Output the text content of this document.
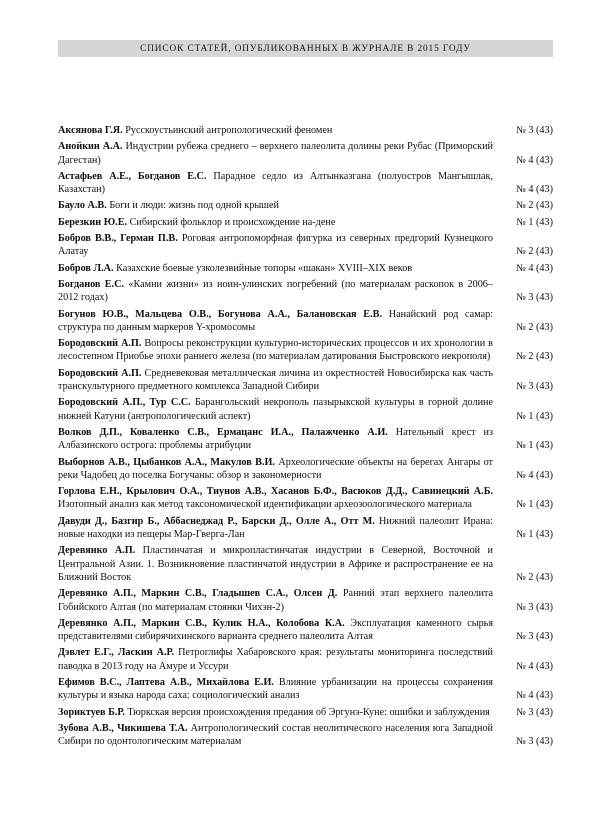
СПИСОК СТАТЕЙ, ОПУБЛИКОВАННЫХ В ЖУРНАЛЕ В 2015 ГОДУ
Аксянова Г.Я. Русскоустьинский антропологический феномен	№ 3 (43)
Анойкин А.А. Индустрии рубежа среднего – верхнего палеолита долины реки Рубас (Приморский Дагестан)	№ 4 (43)
Астафьев А.Е., Богданов Е.С. Парадное седло из Алтынказгана (полуостров Мангышлак, Казахстан)	№ 4 (43)
Бауло А.В. Боги и люди: жизнь под одной крышей	№ 2 (43)
Березкин Ю.Е. Сибирский фольклор и происхождение на-дене	№ 1 (43)
Бобров В.В., Герман П.В. Роговая антропоморфная фигурка из северных предгорий Кузнецкого Алатау	№ 2 (43)
Бобров Л.А. Казахские боевые узколезвийные топоры «шакан» XVIII–XIX веков	№ 4 (43)
Богданов Е.С. «Камни жизни» из ноин-улинских погребений (по материалам раскопок в 2006–2012 годах)	№ 3 (43)
Богунов Ю.В., Мальцева О.В., Богунова А.А., Балановская Е.В. Нанайский род самар: структура по данным маркеров Y-хромосомы	№ 2 (43)
Бородовский А.П. Вопросы реконструкции культурно-исторических процессов и их хронологии в лесостепном Приобье эпохи раннего железа (по материалам датирования Быстровского некрополя)	№ 2 (43)
Бородовский А.П. Средневековая металлическая личина из окрестностей Новосибирска как часть транскультурного предметного комплекса Западной Сибири	№ 3 (43)
Бородовский А.П., Тур С.С. Барангольский некрополь пазырыкской культуры в горной долине нижней Катуни (антропологический аспект)	№ 1 (43)
Волков Д.П., Коваленко С.В., Ермацанс И.А., Палажченко А.И. Нательный крест из Албазинского острога: проблемы атрибуции	№ 1 (43)
Выборнов А.В., Цыбанков А.А., Макулов В.И. Археологические объекты на берегах Ангары от реки Чадобец до поселка Богучаны: обзор и закономерности	№ 4 (43)
Горлова Е.Н., Крылович О.А., Тиунов А.В., Хасанов Б.Ф., Васюков Д.Д., Савинецкий А.Б. Изотопный анализ как метод таксономической идентификации археозоологического материала	№ 1 (43)
Давуди Д., Базгир Б., Аббаснеджад Р., Барски Д., Олле А., Отт М. Нижний палеолит Ирана: новые находки из пещеры Мар-Гверга-Лан	№ 1 (43)
Деревянко А.П. Пластинчатая и микропластинчатая индустрии в Северной, Восточной и Центральной Азии. 1. Возникновение пластинчатой индустрии в Африке и распространение ее на Ближний Восток	№ 2 (43)
Деревянко А.П., Маркин С.В., Гладышев С.А., Олсен Д. Ранний этап верхнего палеолита Гобийского Алтая (по материалам стоянки Чихэн-2)	№ 3 (43)
Деревянко А.П., Маркин С.В., Кулик Н.А., Колобова К.А. Эксплуатация каменного сырья представителями сибирячихинского варианта среднего палеолита Алтая	№ 3 (43)
Дэвлет Е.Г., Ласкин А.Р. Петроглифы Хабаровского края: результаты мониторинга последствий паводка в 2013 году на Амуре и Уссури	№ 4 (43)
Ефимов В.С., Лаптева А.В., Михайлова Е.И. Влияние урбанизации на процессы сохранения культуры и языка народа саха: социологический анализ	№ 4 (43)
Зориктуев Б.Р. Тюркская версия происхождения предания об Эргунэ-Куне: ошибки и заблуждения	№ 3 (43)
Зубова А.В., Чикишева Т.А. Антропологический состав неолитического населения юга Западной Сибири по одонтологическим материалам	№ 3 (43)
